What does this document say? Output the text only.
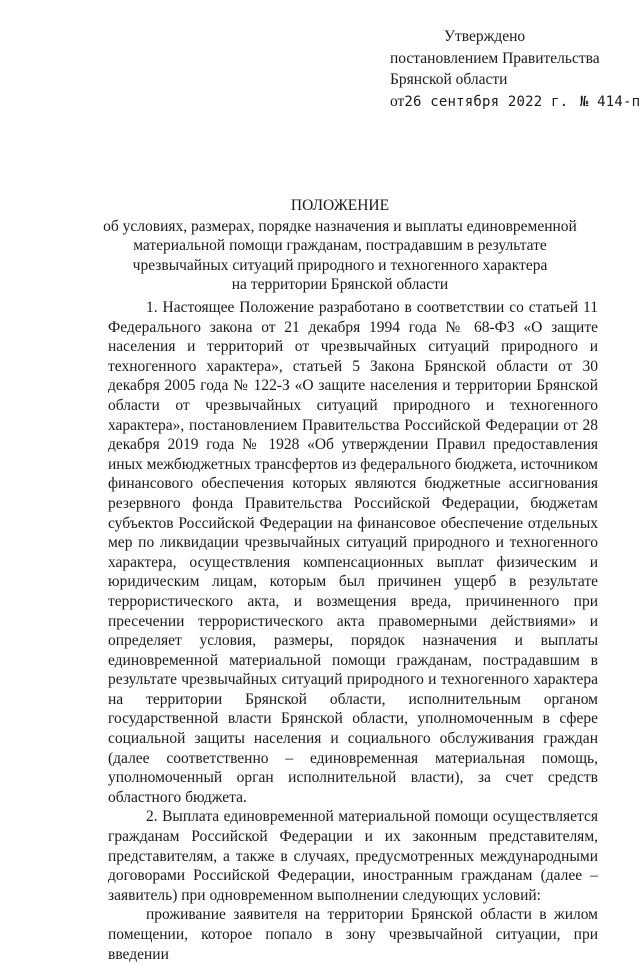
Утверждено
постановлением Правительства
Брянской области
от26 сентября 2022 г. № 414-п
ПОЛОЖЕНИЕ
об условиях, размерах, порядке назначения и выплаты единовременной
материальной помощи гражданам, пострадавшим в результате
чрезвычайных ситуаций природного и техногенного характера
на территории Брянской области

1. Настоящее Положение разработано в соответствии со статьей 11 Федерального закона от 21 декабря 1994 года № 68-ФЗ «О защите населения и территорий от чрезвычайных ситуаций природного и техногенного характера», статьей 5 Закона Брянской области от 30 декабря 2005 года № 122-З «О защите населения и территории Брянской области от чрезвычайных ситуаций природного и техногенного характера», постановлением Правительства Российской Федерации от 28 декабря 2019 года № 1928 «Об утверждении Правил предоставления иных межбюджетных трансфертов из федерального бюджета, источником финансового обеспечения которых являются бюджетные ассигнования резервного фонда Правительства Российской Федерации, бюджетам субъектов Российской Федерации на финансовое обеспечение отдельных мер по ликвидации чрезвычайных ситуаций природного и техногенного характера, осуществления компенсационных выплат физическим и юридическим лицам, которым был причинен ущерб в результате террористического акта, и возмещения вреда, причиненного при пресечении террористического акта правомерными действиями» и определяет условия, размеры, порядок назначения и выплаты единовременной материальной помощи гражданам, пострадавшим в результате чрезвычайных ситуаций природного и техногенного характера на территории Брянской области, исполнительным органом государственной власти Брянской области, уполномоченным в сфере социальной защиты населения и социального обслуживания граждан (далее соответственно – единовременная материальная помощь, уполномоченный орган исполнительной власти), за счет средств областного бюджета.

2. Выплата единовременной материальной помощи осуществляется гражданам Российской Федерации и их законным представителям, представителям, а также в случаях, предусмотренных международными договорами Российской Федерации, иностранным гражданам (далее – заявитель) при одновременном выполнении следующих условий:

проживание заявителя на территории Брянской области в жилом помещении, которое попало в зону чрезвычайной ситуации, при введении
